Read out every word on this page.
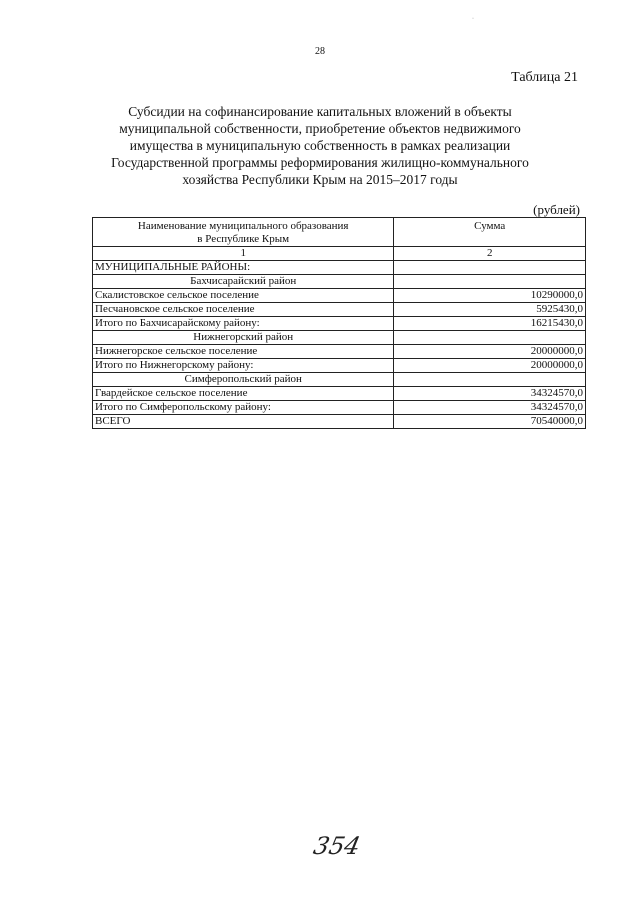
·
28
Таблица 21
Субсидии на софинансирование капитальных вложений в объекты
муниципальной собственности, приобретение объектов недвижимого
имущества в муниципальную собственность в рамках реализации
Государственной программы реформирования жилищно-коммунального
хозяйства Республики Крым на 2015–2017 годы
(рублей)
Наименование муниципального образования
в Республике Крым	Сумма
1	2
МУНИЦИПАЛЬНЫЕ РАЙОНЫ:	
Бахчисарайский район	
Скалистовское сельское поселение	10290000,0
Песчановское сельское поселение	5925430,0
Итого по Бахчисарайскому району:	16215430,0
Нижнегорский район	
Нижнегорское сельское поселение	20000000,0
Итого по Нижнегорскому району:	20000000,0
Симферопольский район	
Гвардейское сельское поселение	34324570,0
Итого по Симферопольскому району:	34324570,0
ВСЕГО	70540000,0
354
